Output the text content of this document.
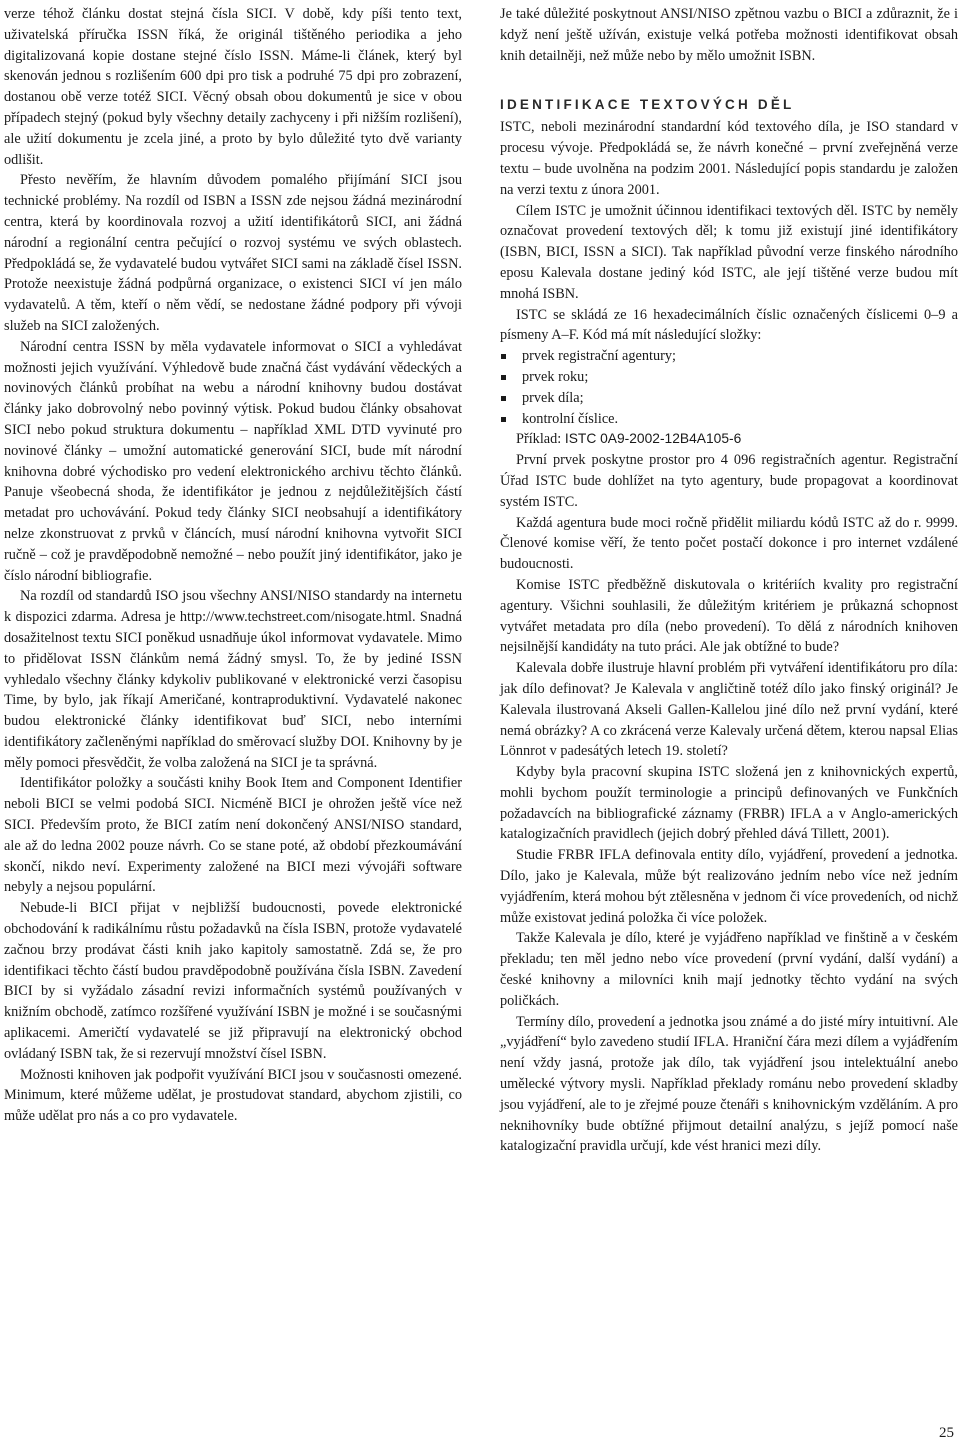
verze téhož článku dostat stejná čísla SICI. V době, kdy píši tento text, uživatelská příručka ISSN říká, že originál tištěného periodika a jeho digitalizovaná kopie dostane stejné číslo ISSN. Máme-li článek, který byl skenován jednou s rozlišením 600 dpi pro tisk a podruhé 75 dpi pro zobrazení, dostanou obě verze totéž SICI. Věcný obsah obou dokumentů je sice v obou případech stejný (pokud byly všechny detaily zachyceny i při nižším rozlišení), ale užití dokumentu je zcela jiné, a proto by bylo důležité tyto dvě varianty odlišit.

Přesto nevěřím, že hlavním důvodem pomalého přijímání SICI jsou technické problémy. Na rozdíl od ISBN a ISSN zde nejsou žádná mezinárodní centra, která by koordinovala rozvoj a užití identifikátorů SICI, ani žádná národní a regionální centra pečující o rozvoj systému ve svých oblastech. Předpokládá se, že vydavatelé budou vytvářet SICI sami na základě čísel ISSN. Protože neexistuje žádná podpůrná organizace, o existenci SICI ví jen málo vydavatelů. A těm, kteří o něm vědí, se nedostane žádné podpory při vývoji služeb na SICI založených.

Národní centra ISSN by měla vydavatele informovat o SICI a vyhledávat možnosti jejich využívání. Výhledově bude značná část vydávání vědeckých a novinových článků probíhat na webu a národní knihovny budou dostávat články jako dobrovolný nebo povinný výtisk. Pokud budou články obsahovat SICI nebo pokud struktura dokumentu – například XML DTD vyvinuté pro novinové články – umožní automatické generování SICI, bude mít národní knihovna dobré východisko pro vedení elektronického archivu těchto článků. Panuje všeobecná shoda, že identifikátor je jednou z nejdůležitějších částí metadat pro uchovávání. Pokud tedy články SICI neobsahují a identifikátory nelze zkonstruovat z prvků v článcích, musí národní knihovna vytvořit SICI ručně – což je pravděpodobně nemožné – nebo použít jiný identifikátor, jako je číslo národní bibliografie.

Na rozdíl od standardů ISO jsou všechny ANSI/NISO standardy na internetu k dispozici zdarma. Adresa je http://www.techstreet.com/nisogate.html. Snadná dosažitelnost textu SICI poněkud usnadňuje úkol informovat vydavatele. Mimo to přidělovat ISSN článkům nemá žádný smysl. To, že by jediné ISSN vyhledalo všechny články kdykoliv publikované v elektronické verzi časopisu Time, by bylo, jak říkají Američané, kontraproduktivní. Vydavatelé nakonec budou elektronické články identifikovat buď SICI, nebo interními identifikátory začleněnými například do směrovací služby DOI. Knihovny by je měly pomoci přesvědčit, že volba založená na SICI je ta správná.

Identifikátor položky a součásti knihy Book Item and Component Identifier neboli BICI se velmi podobá SICI. Nicméně BICI je ohrožen ještě více než SICI. Především proto, že BICI zatím není dokončený ANSI/NISO standard, ale až do ledna 2002 pouze návrh. Co se stane poté, až období přezkoumávání skončí, nikdo neví. Experimenty založené na BICI mezi vývojáři software nebyly a nejsou populární.

Nebude-li BICI přijat v nejbližší budoucnosti, povede elektronické obchodování k radikálnímu růstu požadavků na čísla ISBN, protože vydavatelé začnou brzy prodávat části knih jako kapitoly samostatně. Zdá se, že pro identifikaci těchto částí budou pravděpodobně používána čísla ISBN. Zavedení BICI by si vyžádalo zásadní revizi informačních systémů používaných v knižním obchodě, zatímco rozšířené využívání ISBN je možné i se současnými aplikacemi. Američtí vydavatelé se již připravují na elektronický obchod ovládaný ISBN tak, že si rezervují množství čísel ISBN.

Možnosti knihoven jak podpořit využívání BICI jsou v současnosti omezené. Minimum, které můžeme udělat, je prostudovat standard, abychom zjistili, co může udělat pro nás a co pro vydavatele.

Je také důležité poskytnout ANSI/NISO zpětnou vazbu o BICI a zdůraznit, že i když není ještě užíván, existuje velká potřeba možnosti identifikovat obsah knih detailněji, než může nebo by mělo umožnit ISBN.

IDENTIFIKACE TEXTOVÝCH DĚL

ISTC, neboli mezinárodní standardní kód textového díla, je ISO standard v procesu vývoje. Předpokládá se, že návrh konečné – první zveřejněná verze textu – bude uvolněna na podzim 2001. Následující popis standardu je založen na verzi textu z února 2001.

Cílem ISTC je umožnit účinnou identifikaci textových děl. ISTC by neměly označovat provedení textových děl; k tomu již existují jiné identifikátory (ISBN, BICI, ISSN a SICI). Tak například původní verze finského národního eposu Kalevala dostane jediný kód ISTC, ale její tištěné verze budou mít mnohá ISBN.

ISTC se skládá ze 16 hexadecimálních číslic označených číslicemi 0–9 a písmeny A–F. Kód má mít následující složky:

prvek registrační agentury;
prvek roku;
prvek díla;
kontrolní číslice.

Příklad: ISTC 0A9-2002-12B4A105-6

První prvek poskytne prostor pro 4 096 registračních agentur. Registrační Úřad ISTC bude dohlížet na tyto agentury, bude propagovat a koordinovat systém ISTC.

Každá agentura bude moci ročně přidělit miliardu kódů ISTC až do r. 9999. Členové komise věří, že tento počet postačí dokonce i pro internet vzdálené budoucnosti.

Komise ISTC předběžně diskutovala o kritériích kvality pro registrační agentury. Všichni souhlasili, že důležitým kritériem je průkazná schopnost vytvářet metadata pro díla (nebo provedení). To dělá z národních knihoven nejsilnější kandidáty na tuto práci. Ale jak obtížné to bude?

Kalevala dobře ilustruje hlavní problém při vytváření identifikátoru pro díla: jak dílo definovat? Je Kalevala v angličtině totéž dílo jako finský originál? Je Kalevala ilustrovaná Akseli Gallen-Kallelou jiné dílo než první vydání, které nemá obrázky? A co zkrácená verze Kalevaly určená dětem, kterou napsal Elias Lönnrot v padesátých letech 19. století?

Kdyby byla pracovní skupina ISTC složená jen z knihovnických expertů, mohli bychom použít terminologie a principů definovaných ve Funkčních požadavcích na bibliografické záznamy (FRBR) IFLA a v Anglo-amerických katalogizačních pravidlech (jejich dobrý přehled dává Tillett, 2001).

Studie FRBR IFLA definovala entity dílo, vyjádření, provedení a jednotka. Dílo, jako je Kalevala, může být realizováno jedním nebo více než jedním vyjádřením, která mohou být ztělesněna v jednom či více provedeních, od nichž může existovat jediná položka či více položek.

Takže Kalevala je dílo, které je vyjádřeno například ve finštině a v českém překladu; ten měl jedno nebo více provedení (první vydání, další vydání) a české knihovny a milovníci knih mají jednotky těchto vydání na svých poličkách.

Termíny dílo, provedení a jednotka jsou známé a do jisté míry intuitivní. Ale „vyjádření“ bylo zavedeno studií IFLA. Hraniční čára mezi dílem a vyjádřením není vždy jasná, protože jak dílo, tak vyjádření jsou intelektuální anebo umělecké výtvory mysli. Například překlady románu nebo provedení skladby jsou vyjádření, ale to je zřejmé pouze čtenáři s knihovnickým vzděláním. A pro neknihovníky bude obtížné přijmout detailní analýzu, s jejíž pomocí naše katalogizační pravidla určují, kde vést hranici mezi díly.

25
